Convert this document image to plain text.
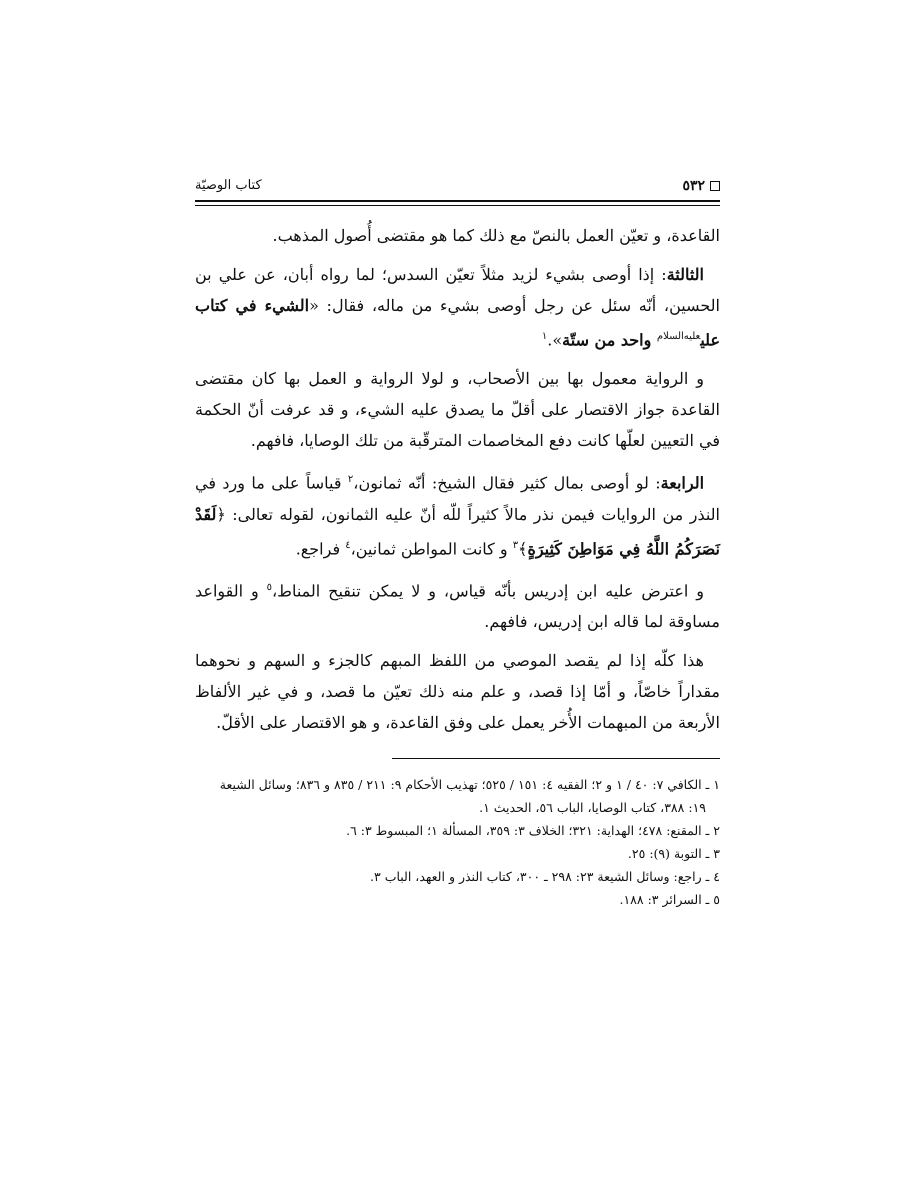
٥٣٢
كتاب الوصيّة

القاعدة، و تعيّن العمل بالنصّ مع ذلك كما هو مقتضى أُصول المذهب.

الثالثة: إذا أوصى بشيء لزيد مثلاً تعيّن السدس؛ لما رواه أبان، عن علي بن الحسين، أنّه سئل عن رجل أوصى بشيء من ماله، فقال: «الشيء في كتاب علي$^{عليه‌السلام}$ واحد من ستّة».$^١$

و الرواية معمول بها بين الأصحاب، و لولا الرواية و العمل بها كان مقتضى القاعدة جواز الاقتصار على أقلّ ما يصدق عليه الشيء، و قد عرفت أنّ الحكمة في التعيين لعلّها كانت دفع المخاصمات المترقّبة من تلك الوصايا، فافهم.

الرابعة: لو أوصى بمال كثير فقال الشيخ: أنّه ثمانون،$^٢$ قياساً على ما ورد في النذر من الروايات فيمن نذر مالاً كثيراً للّه أنّ عليه الثمانون، لقوله تعالى: ﴿لَقَدْ نَصَرَكُمُ اللَّهُ فِي مَوَاطِنَ كَثِيرَةٍ﴾$^٣$ و كانت المواطن ثمانين،$^٤$ فراجع.

و اعترض عليه ابن إدريس بأنّه قياس، و لا يمكن تنقيح المناط،$^٥$ و القواعد مساوقة لما قاله ابن إدريس، فافهم.

هذا كلّه إذا لم يقصد الموصي من اللفظ المبهم كالجزء و السهم و نحوهما مقداراً خاصّاً، و أمّا إذا قصد، و علم منه ذلك تعيّن ما قصد، و في غير الألفاظ الأربعة من المبهمات الأُخر يعمل على وفق القاعدة، و هو الاقتصار على الأقلّ.

١ ـ الكافي ٧: ٤٠ / ١ و ٢؛ الفقيه ٤: ١٥١ / ٥٢٥؛ تهذيب الأحكام ٩: ٢١١ / ٨٣٥ و ٨٣٦؛ وسائل الشيعة
١٩: ٣٨٨، كتاب الوصايا، الباب ٥٦، الحديث ١.
٢ ـ المقنع: ٤٧٨؛ الهداية: ٣٢١؛ الخلاف ٣: ٣٥٩، المسألة ١؛ المبسوط ٣: ٦.
٣ ـ التوبة (٩): ٢٥.
٤ ـ راجع: وسائل الشيعة ٢٣: ٢٩٨ ـ ٣٠٠، كتاب النذر و العهد، الباب ٣.
٥ ـ السرائر ٣: ١٨٨.
